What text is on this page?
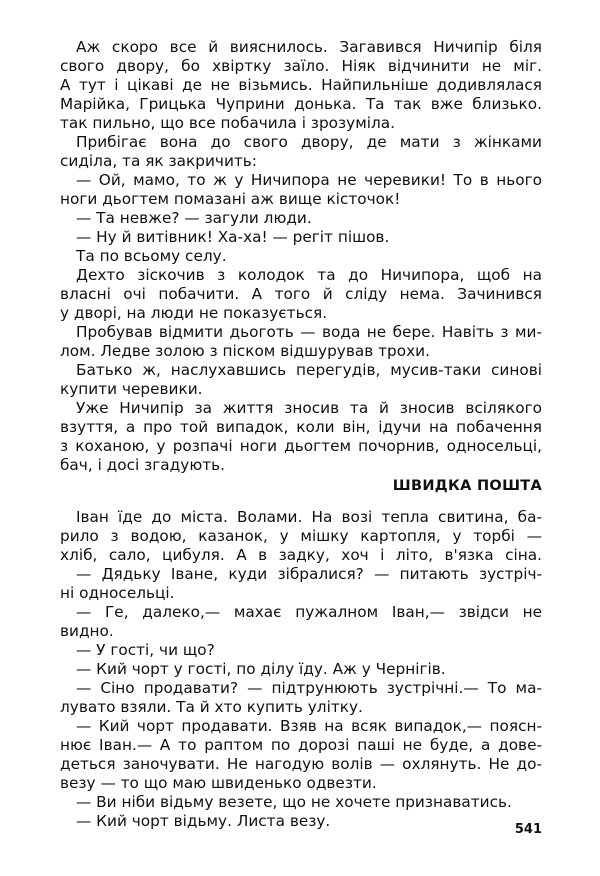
Аж скоро все й вияснилось. Загавився Ничипір біля
свого двору, бо хвіртку заїло. Ніяк відчинити не міг.
А тут і цікаві де не візьмись. Найпильніше додивлялася
Марійка, Грицька Чуприни донька. Та так вже близько.
так пильно, що все побачила і зрозуміла.
Прибігає вона до свого двору, де мати з жінками
сиділа, та як закричить:
— Ой, мамо, то ж у Ничипора не черевики! То в нього
ноги дьогтем помазані аж вище кісточок!
— Та невже? — загули люди.
— Ну й витівник! Ха-ха! — регіт пішов.
Та по всьому селу.
Дехто зіскочив з колодок та до Ничипора, щоб на
власні очі побачити. А того й сліду нема. Зачинився
у дворі, на люди не показується.
Пробував відмити дьоготь — вода не бере. Навіть з ми-
лом. Ледве золою з піском відшурував трохи.
Батько ж, наслухавшись перегудів, мусив-таки синові
купити черевики.
Уже Ничипір за життя зносив та й зносив всілякого
взуття, а про той випадок, коли він, ідучи на побачення
з коханою, у розпачі ноги дьогтем почорнив, односельці,
бач, і досі згадують.
ШВИДКА ПОШТА
Іван їде до міста. Волами. На возі тепла свитина, ба-
рило з водою, казанок, у мішку картопля, у торбі —
хліб, сало, цибуля. А в задку, хоч і літо, в'язка сіна.
— Дядьку Іване, куди зібралися? — питають зустріч-
ні односельці.
— Ге, далеко,— махає пужалном Іван,— звідси не
видно.
— У гості, чи що?
— Кий чорт у гості, по ділу їду. Аж у Чернігів.
— Сіно продавати? — підтрунюють зустрічні.— То ма-
лувато взяли. Та й хто купить улітку.
— Кий чорт продавати. Взяв на всяк випадок,— поясн-
нює Іван.— А то раптом по дорозі паші не буде, а дове-
деться заночувати. Не нагодую волів — охлянуть. Не до-
везу — то що маю швиденько одвезти.
— Ви ніби відьму везете, що не хочете признаватись.
— Кий чорт відьму. Листа везу.	541
